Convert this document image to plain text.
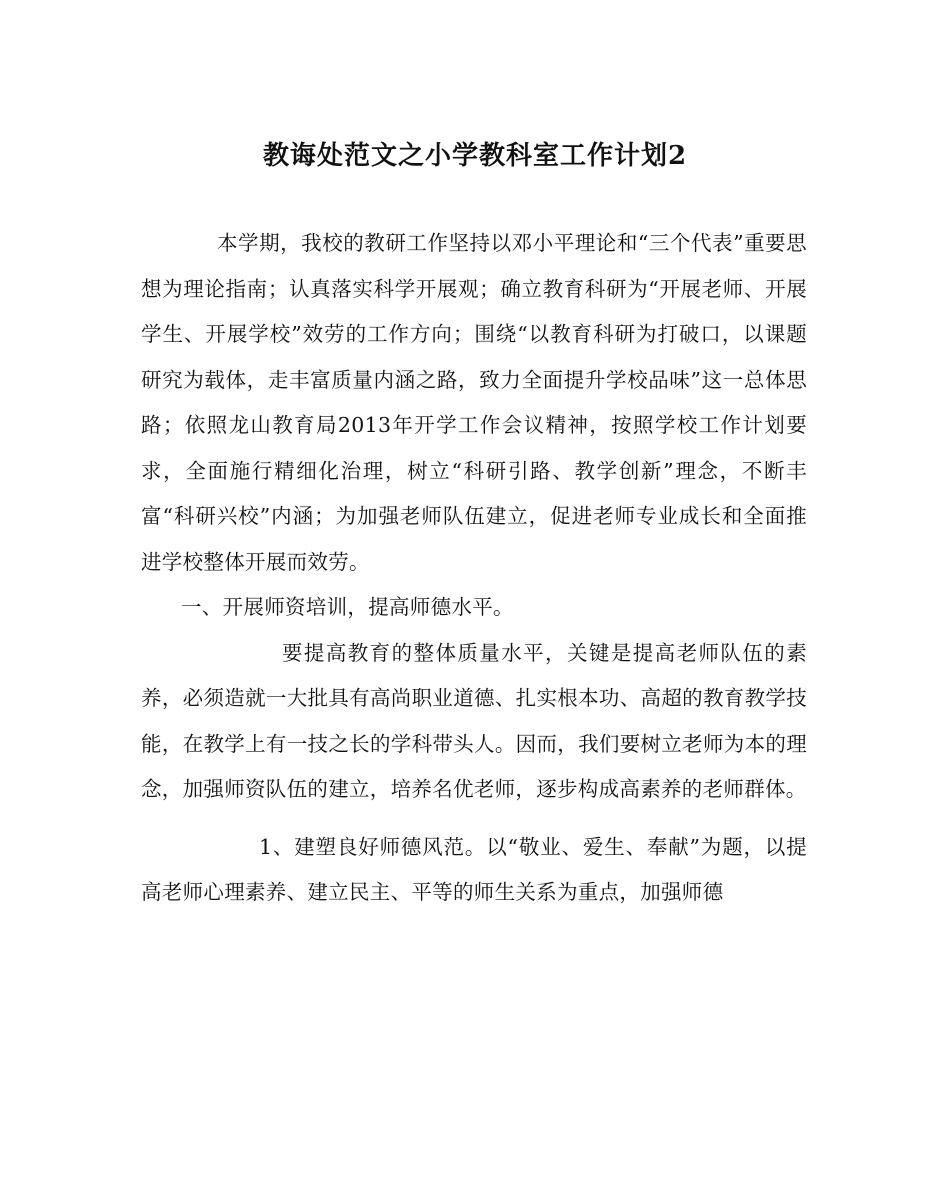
教诲处范文之小学教科室工作计划2

本学期，我校的教研工作坚持以邓小平理论和“三个代表”重要思想为理论指南；认真落实科学开展观；确立教育科研为“开展老师、开展学生、开展学校”效劳的工作方向；围绕“以教育科研为打破口，以课题研究为载体，走丰富质量内涵之路，致力全面提升学校品味”这一总体思路；依照龙山教育局2013年开学工作会议精神，按照学校工作计划要求，全面施行精细化治理，树立“科研引路、教学创新”理念，不断丰富“科研兴校”内涵；为加强老师队伍建立，促进老师专业成长和全面推进学校整体开展而效劳。

一、开展师资培训，提高师德水平。

要提高教育的整体质量水平，关键是提高老师队伍的素养，必须造就一大批具有高尚职业道德、扎实根本功、高超的教育教学技能，在教学上有一技之长的学科带头人。因而，我们要树立老师为本的理念，加强师资队伍的建立，培养名优老师，逐步构成高素养的老师群体。

1、建塑良好师德风范。以“敬业、爱生、奉献”为题，以提高老师心理素养、建立民主、平等的师生关系为重点，加强师德
